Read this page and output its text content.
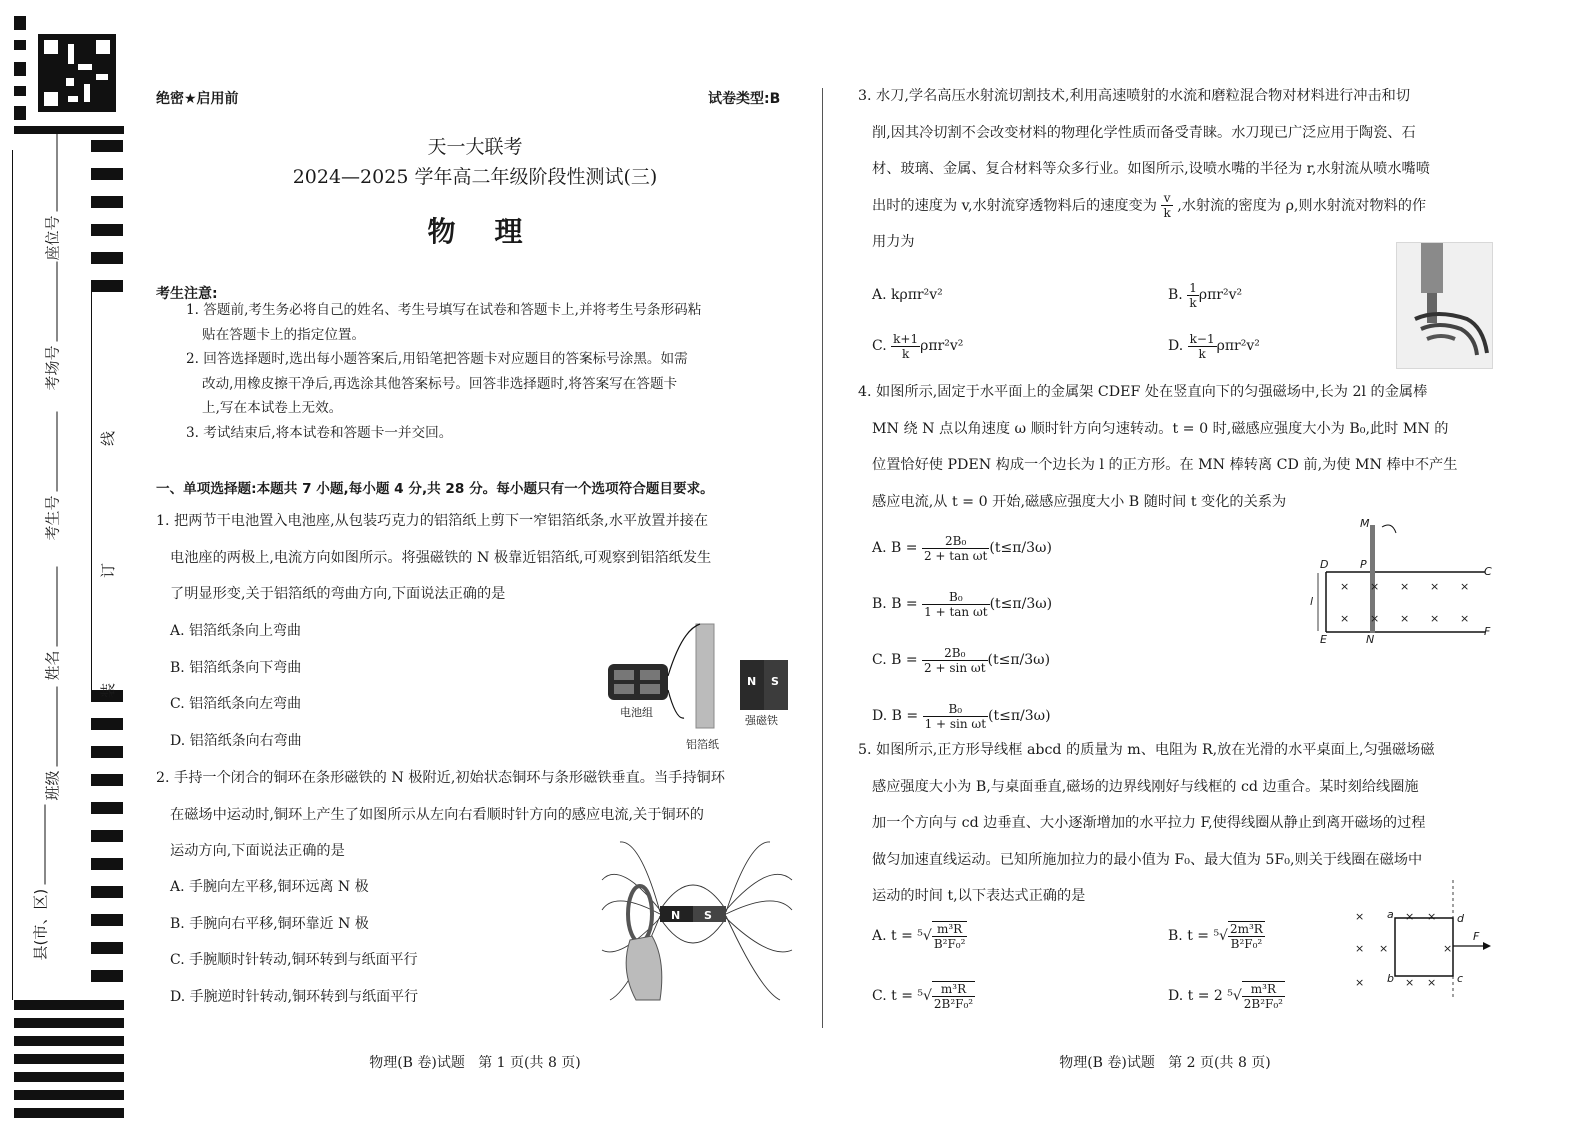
座位号
考场号
考生号
姓名
班级
县(市、区)
线
订
装
绝密★启用前	试卷类型:B
天一大联考
2024—2025 学年高二年级阶段性测试(三)
物    理
考生注意:
1. 答题前,考生务必将自己的姓名、考生号填写在试卷和答题卡上,并将考生号条形码粘
贴在答题卡上的指定位置。
2. 回答选择题时,选出每小题答案后,用铅笔把答题卡对应题目的答案标号涂黑。如需
改动,用橡皮擦干净后,再选涂其他答案标号。回答非选择题时,将答案写在答题卡
上,写在本试卷上无效。
3. 考试结束后,将本试卷和答题卡一并交回。
一、单项选择题:本题共 7 小题,每小题 4 分,共 28 分。每小题只有一个选项符合题目要求。
1. 把两节干电池置入电池座,从包装巧克力的铝箔纸上剪下一窄铝箔纸条,水平放置并接在
电池座的两极上,电流方向如图所示。将强磁铁的 N 极靠近铝箔纸,可观察到铝箔纸发生
了明显形变,关于铝箔纸的弯曲方向,下面说法正确的是
A. 铝箔纸条向上弯曲
B. 铝箔纸条向下弯曲
C. 铝箔纸条向左弯曲
D. 铝箔纸条向右弯曲
N S
电池组
强磁铁
铝箔纸
2. 手持一个闭合的铜环在条形磁铁的 N 极附近,初始状态铜环与条形磁铁垂直。当手持铜环
在磁场中运动时,铜环上产生了如图所示从左向右看顺时针方向的感应电流,关于铜环的
运动方向,下面说法正确的是
A. 手腕向左平移,铜环远离 N 极
B. 手腕向右平移,铜环靠近 N 极
C. 手腕顺时针转动,铜环转到与纸面平行
D. 手腕逆时针转动,铜环转到与纸面平行
N S
物理(B 卷)试题   第 1 页(共 8 页)
3. 水刀,学名高压水射流切割技术,利用高速喷射的水流和磨粒混合物对材料进行冲击和切
削,因其冷切割不会改变材料的物理化学性质而备受青睐。水刀现已广泛应用于陶瓷、石
材、玻璃、金属、复合材料等众多行业。如图所示,设喷水嘴的半径为 r,水射流从喷水嘴喷
出时的速度为 v,水射流穿透物料后的速度变为 $\frac{v}{k}$ ,水射流的密度为 ρ,则水射流对物料的作
用力为
A. kρπr²v²	B. $\frac{1}{k} \rho\pi r^2v^2$
C. $\frac{k+1}{k} \rho\pi r^2v^2$	D. $\frac{k-1}{k} \rho\pi r^2v^2$
4. 如图所示,固定于水平面上的金属架 CDEF 处在竖直向下的匀强磁场中,长为 2l 的金属棒
MN 绕 N 点以角速度 ω 顺时针方向匀速转动。t = 0 时,磁感应强度大小为 B₀,此时 MN 的
位置恰好使 PDEN 构成一个边长为 l 的正方形。在 MN 棒转离 CD 前,为使 MN 棒中不产生
感应电流,从 t = 0 开始,磁感应强度大小 B 随时间 t 变化的关系为
A. $B = \frac{\text{2B₀}}{\text{2 + tan ωt}} (t\le\pi/3\omega)$
B. $B = \frac{\text{B₀}}{\text{1 + tan ωt}} (t\le\pi/3\omega)$
C. $B = \frac{\text{2B₀}}{\text{2 + sin ωt}} (t\le\pi/3\omega)$
D. $B = \frac{\text{B₀}}{\text{1 + sin ωt}} (t\le\pi/3\omega)$
M
P
D
C
E	N
F
l
× × × × ×
× × × × ×
5. 如图所示,正方形导线框 abcd 的质量为 m、电阻为 R,放在光滑的水平桌面上,匀强磁场磁
感应强度大小为 B,与桌面垂直,磁场的边界线刚好与线框的 cd 边重合。某时刻给线圈施
加一个方向与 cd 边垂直、大小逐渐增加的水平拉力 F,使得线圈从静止到离开磁场的过程
做匀加速直线运动。已知所施加拉力的最小值为 F₀、最大值为 5F₀,则关于线圈在磁场中
运动的时间 t,以下表达式正确的是
A. $t = ^5√ \frac{\text{m³R}}{\text{B²F₀²}}$	B. $t = ^5√ \frac{\text{2m³R}}{\text{B²F₀²}}$
C. $t = ^5√ \frac{\text{m³R}}{\text{2B²F₀²}}$	D. t = 2 $^5√ \frac{\text{m³R}}{\text{2B²F₀²}}$
a	d
b	c
F
×
×
×
×
× ×
× ×
×
物理(B 卷)试题   第 2 页(共 8 页)
